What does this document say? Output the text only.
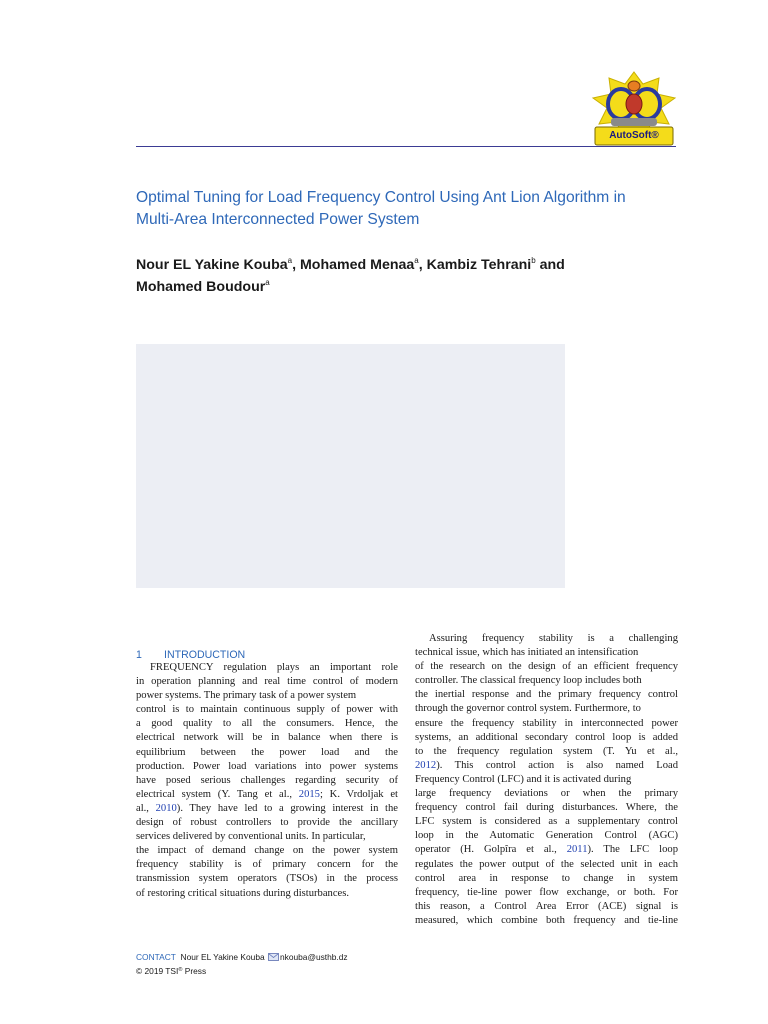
AutoSoft®
Optimal Tuning for Load Frequency Control Using Ant Lion Algorithm in
Multi-Area Interconnected Power System
Nour EL Yakine Kouba$^a$, Mohamed Menaa$^a$, Kambiz Tehrani$^b$ and
Mohamed Boudour$^a$
1 INTRODUCTION
FREQUENCY regulation plays an important role
in operation planning and real time control of modern
power systems. The primary task of a power system
control is to maintain continuous supply of power with
a good quality to all the consumers. Hence, the
electrical network will be in balance when there is
equilibrium between the power load and the
production. Power load variations into power systems
have posed serious challenges regarding security of
electrical system (Y. Tang et al., 2015; K. Vrdoljak et
al., 2010). They have led to a growing interest in the
design of robust controllers to provide the ancillary
services delivered by conventional units. In particular,
the impact of demand change on the power system
frequency stability is of primary concern for the
transmission system operators (TSOs) in the process
of restoring critical situations during disturbances.
Assuring frequency stability is a challenging
technical issue, which has initiated an intensification
of the research on the design of an efficient frequency
controller. The classical frequency loop includes both
the inertial response and the primary frequency control
through the governor control system. Furthermore, to
ensure the frequency stability in interconnected power
systems, an additional secondary control loop is added
to the frequency regulation system (T. Yu et al.,
2012). This control action is also named Load
Frequency Control (LFC) and it is activated during
large frequency deviations or when the primary
frequency control fail during disturbances. Where, the
LFC system is considered as a supplementary control
loop in the Automatic Generation Control (AGC)
operator (H. Golpîra et al., 2011). The LFC loop
regulates the power output of the selected unit in each
control area in response to change in system
frequency, tie-line power flow exchange, or both. For
this reason, a Control Area Error (ACE) signal is
measured, which combine both frequency and tie-line
CONTACT Nour EL Yakine Kouba nkouba@usthb.dz
© 2019 TSI® Press
